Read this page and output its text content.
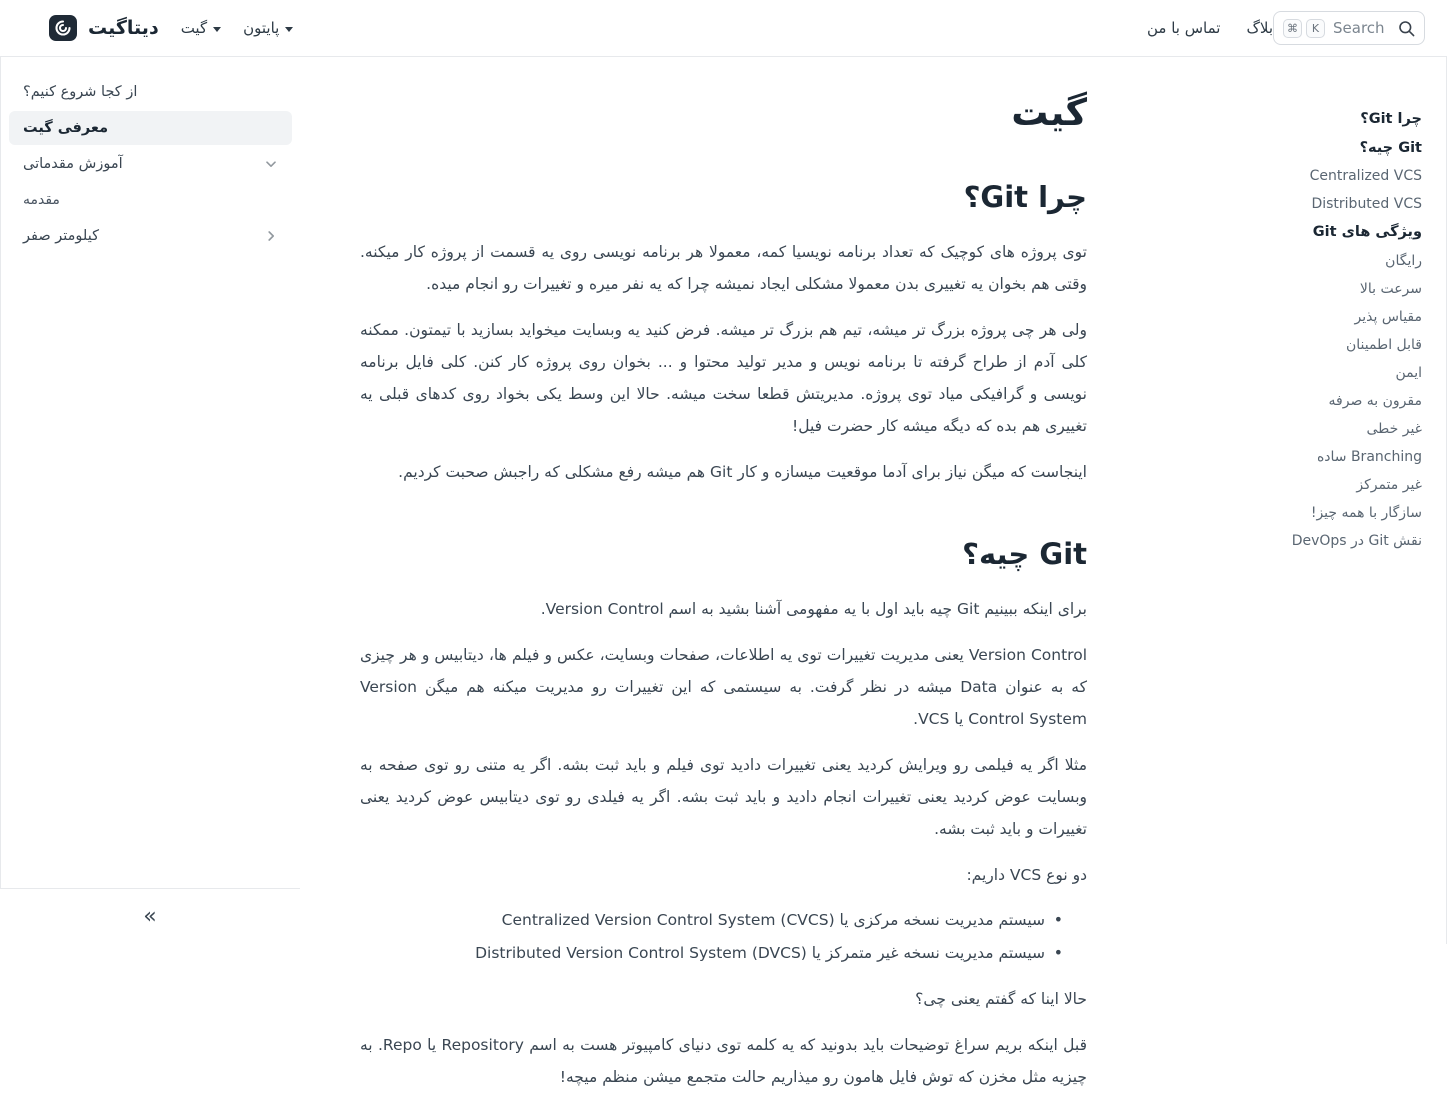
دیتاگیت گیت پایتون	تماس با من بلاگ	Search
⌘	K
چرا Git؟
Git چیه؟
Centralized VCS
Distributed VCS
ویژگی های Git
رایگان
سرعت بالا
مقیاس پذیر
قابل اطمینان
ایمن
مقرون به صرفه
غیر خطی
Branching ساده
غیر متمرکز
سازگار با همه چیز!
نقش Git در DevOps
گیت
چرا Git؟

توی پروژه های کوچیک که تعداد برنامه نویسیا کمه، معمولا هر برنامه نویسی روی یه قسمت از پروژه کار میکنه. وقتی هم بخوان یه تغییری بدن معمولا مشکلی ایجاد نمیشه چرا که یه نفر میره و تغییرات رو انجام میده.

ولی هر چی پروژه بزرگ تر میشه، تیم هم بزرگ تر میشه. فرض کنید یه وبسایت میخواید بسازید با تیمتون. ممکنه کلی آدم از طراح گرفته تا برنامه نویس و مدیر تولید محتوا و ... بخوان روی پروژه کار کنن. کلی فایل برنامه نویسی و گرافیکی میاد توی پروژه. مدیریتش قطعا سخت میشه. حالا این وسط یکی بخواد روی کدهای قبلی یه تغییری هم بده که دیگه میشه کار حضرت فیل!

اینجاست که میگن نیاز برای آدما موقعیت میسازه و کار Git هم میشه رفع مشکلی که راجبش صحبت کردیم.

Git چیه؟

برای اینکه ببینیم Git چیه باید اول با یه مفهومی آشنا بشید به اسم Version Control.

Version Control یعنی مدیریت تغییرات توی یه اطلاعات، صفحات وبسایت، عکس و فیلم ها، دیتابیس و هر چیزی که به عنوان Data میشه در نظر گرفت. به سیستمی که این تغییرات رو مدیریت میکنه هم میگن Version Control System یا VCS.

مثلا اگر یه فیلمی رو ویرایش کردید یعنی تغییرات دادید توی فیلم و باید ثبت بشه. اگر یه متنی رو توی صفحه به وبسایت عوض کردید یعنی تغییرات انجام دادید و باید ثبت بشه. اگر یه فیلدی رو توی دیتابیس عوض کردید یعنی تغییرات و باید ثبت بشه.

دو نوع VCS داریم:

• سیستم مدیریت نسخه مرکزی یا Centralized Version Control System (CVCS)
• سیستم مدیریت نسخه غیر متمرکز یا Distributed Version Control System (DVCS)

حالا اینا که گفتم یعنی چی؟

قبل اینکه بریم سراغ توضیحات باید بدونید که یه کلمه توی دنیای کامپیوتر هست به اسم Repository یا Repo. به چیزیه مثل مخزن که توش فایل هامون رو میذاریم حالت متجمع میشن منظم میچه!

از کجا شروع کنیم؟
معرفی گیت
آموزش مقدماتی
مقدمه
کیلومتر صفر
»
